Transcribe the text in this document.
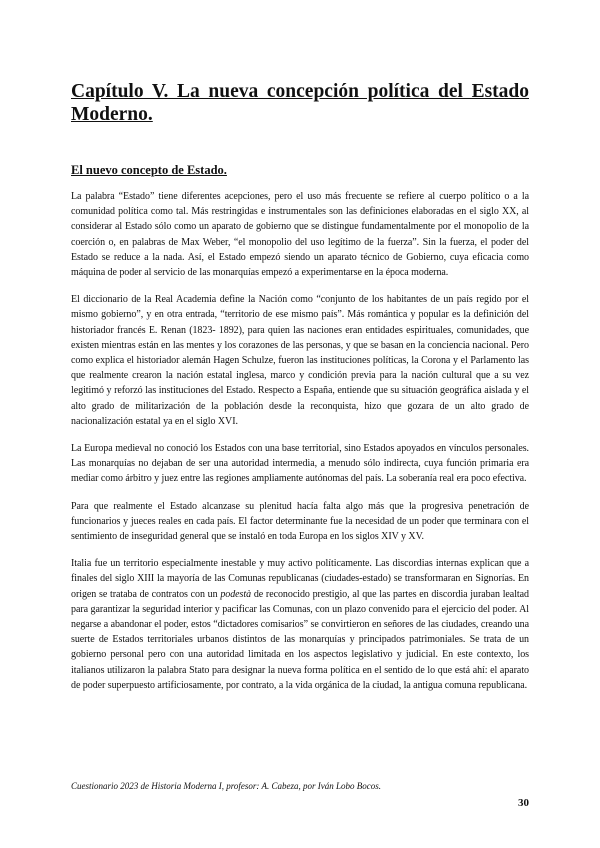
Capítulo V. La nueva concepción política del Estado Moderno.
El nuevo concepto de Estado.

La palabra “Estado” tiene diferentes acepciones, pero el uso más frecuente se refiere al cuerpo político o a la comunidad política como tal. Más restringidas e instrumentales son las definiciones elaboradas en el siglo XX, al considerar al Estado sólo como un aparato de gobierno que se distingue fundamentalmente por el monopolio de la coerción o, en palabras de Max Weber, “el monopolio del uso legítimo de la fuerza”. Sin la fuerza, el poder del Estado se reduce a la nada. Así, el Estado empezó siendo un aparato técnico de Gobierno, cuya eficacia como máquina de poder al servicio de las monarquías empezó a experimentarse en la época moderna.

El diccionario de la Real Academia define la Nación como “conjunto de los habitantes de un país regido por el mismo gobierno”, y en otra entrada, “territorio de ese mismo país”. Más romántica y popular es la definición del historiador francés E. Renan (1823- 1892), para quien las naciones eran entidades espirituales, comunidades, que existen mientras están en las mentes y los corazones de las personas, y que se basan en la conciencia nacional. Pero como explica el historiador alemán Hagen Schulze, fueron las instituciones políticas, la Corona y el Parlamento las que realmente crearon la nación estatal inglesa, marco y condición previa para la nación cultural que a su vez legitimó y reforzó las instituciones del Estado. Respecto a España, entiende que su situación geográfica aislada y el alto grado de militarización de la población desde la reconquista, hizo que gozara de un alto grado de nacionalización estatal ya en el siglo XVI.

La Europa medieval no conoció los Estados con una base territorial, sino Estados apoyados en vínculos personales. Las monarquías no dejaban de ser una autoridad intermedia, a menudo sólo indirecta, cuya función primaria era mediar como árbitro y juez entre las regiones ampliamente autónomas del país. La soberanía real era poco efectiva.

Para que realmente el Estado alcanzase su plenitud hacía falta algo más que la progresiva penetración de funcionarios y jueces reales en cada país. El factor determinante fue la necesidad de un poder que terminara con el sentimiento de inseguridad general que se instaló en toda Europa en los siglos XIV y XV.

Italia fue un territorio especialmente inestable y muy activo políticamente. Las discordias internas explican que a finales del siglo XIII la mayoría de las Comunas republicanas (ciudades-estado) se transformaran en Signorías. En origen se trataba de contratos con un podestà de reconocido prestigio, al que las partes en discordia juraban lealtad para garantizar la seguridad interior y pacificar las Comunas, con un plazo convenido para el ejercicio del poder. Al negarse a abandonar el poder, estos “dictadores comisarios” se convirtieron en señores de las ciudades, creando una suerte de Estados territoriales urbanos distintos de las monarquías y principados patrimoniales. Se trata de un gobierno personal pero con una autoridad limitada en los aspectos legislativo y judicial. En este contexto, los italianos utilizaron la palabra Stato para designar la nueva forma política en el sentido de lo que está ahí: el aparato de poder superpuesto artificiosamente, por contrato, a la vida orgánica de la ciudad, la antigua comuna republicana.

Cuestionario 2023 de Historia Moderna I, profesor: A. Cabeza, por Iván Lobo Bocos.
30
